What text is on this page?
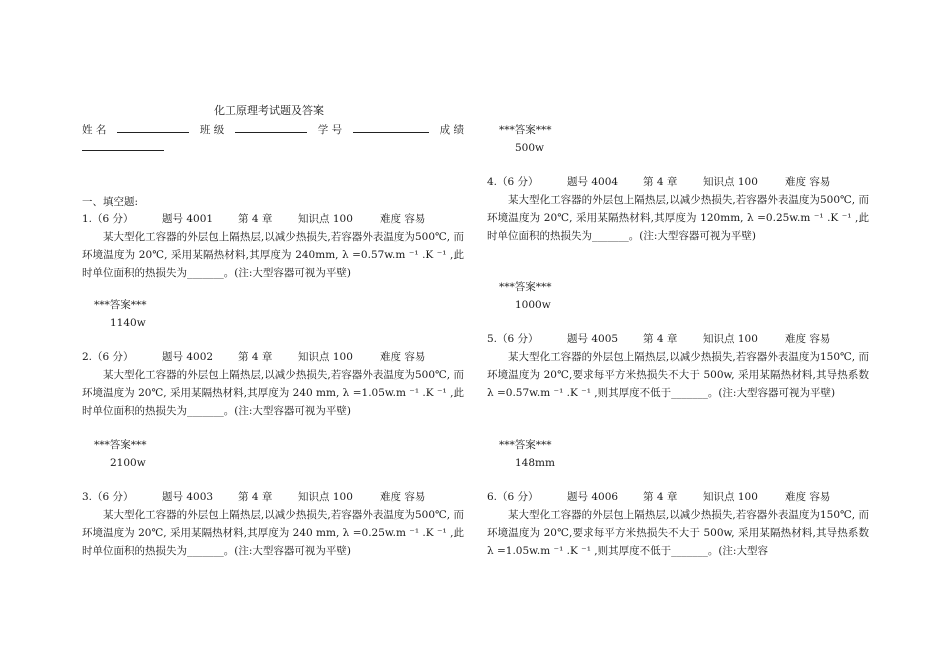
化工原理考试题及答案
姓 名	班 级	学 号	成 绩
一、填空题:
1.（6 分）	题号 4001 第 4 章 知识点 100	难度 容易
某大型化工容器的外层包上隔热层,以减少热损失,若容器外表温度为500℃, 而环境温度为 20℃, 采用某隔热材料,其厚度为 240mm, λ =0.57w.m ⁻¹ .K ⁻¹ ,此时单位面积的热损失为_______。(注:大型容器可视为平壁)
***答案***
1140w
2.（6 分）	题号 4002 第 4 章 知识点 100	难度 容易
某大型化工容器的外层包上隔热层,以减少热损失,若容器外表温度为500℃, 而环境温度为 20℃, 采用某隔热材料,其厚度为 240 mm, λ =1.05w.m ⁻¹ .K ⁻¹ ,此时单位面积的热损失为_______。(注:大型容器可视为平壁)
***答案***
2100w
3.（6 分）	题号 4003 第 4 章 知识点 100	难度 容易
某大型化工容器的外层包上隔热层,以减少热损失,若容器外表温度为500℃, 而环境温度为 20℃, 采用某隔热材料,其厚度为 240 mm, λ =0.25w.m ⁻¹ .K ⁻¹ ,此时单位面积的热损失为_______。(注:大型容器可视为平壁)
***答案***
500w
4.（6 分）	题号 4004 第 4 章 知识点 100	难度 容易
某大型化工容器的外层包上隔热层,以减少热损失,若容器外表温度为500℃, 而环境温度为 20℃, 采用某隔热材料,其厚度为 120mm, λ =0.25w.m ⁻¹ .K ⁻¹ ,此时单位面积的热损失为_______。(注:大型容器可视为平壁)
***答案***
1000w
5.（6 分）	题号 4005 第 4 章 知识点 100	难度 容易
某大型化工容器的外层包上隔热层,以减少热损失,若容器外表温度为150℃, 而环境温度为 20℃,要求每平方米热损失不大于 500w, 采用某隔热材料,其导热系数 λ =0.57w.m ⁻¹ .K ⁻¹ ,则其厚度不低于_______。(注:大型容器可视为平壁)
***答案***
148mm
6.（6 分）	题号 4006 第 4 章 知识点 100	难度 容易
某大型化工容器的外层包上隔热层,以减少热损失,若容器外表温度为150℃, 而环境温度为 20℃,要求每平方米热损失不大于 500w, 采用某隔热材料,其导热系数 λ =1.05w.m ⁻¹ .K ⁻¹ ,则其厚度不低于_______。(注:大型容
